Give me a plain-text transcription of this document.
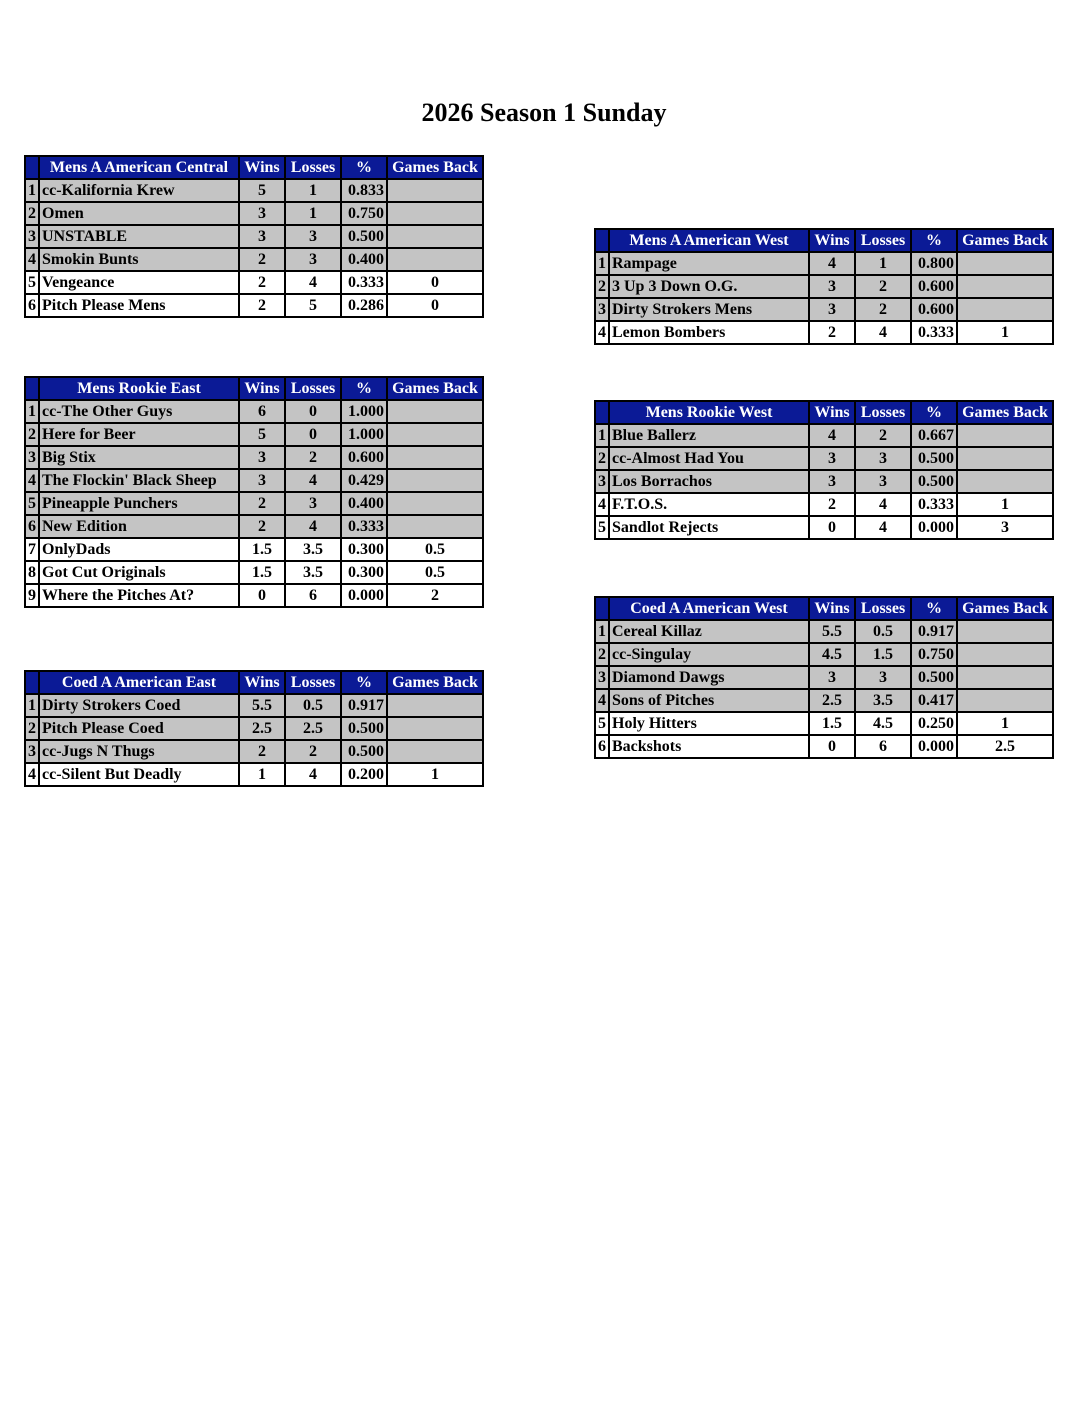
2026 Season 1 Sunday
	Mens A American Central	Wins	Losses	%	Games Back
1	cc-Kalifornia Krew	5	1	0.833	
2	Omen	3	1	0.750	
3	UNSTABLE	3	3	0.500	
4	Smokin Bunts	2	3	0.400	
5	Vengeance	2	4	0.333	0
6	Pitch Please Mens	2	5	0.286	0
	Mens Rookie East	Wins	Losses	%	Games Back
1	cc-The Other Guys	6	0	1.000	
2	Here for Beer	5	0	1.000	
3	Big Stix	3	2	0.600	
4	The Flockin' Black Sheep	3	4	0.429	
5	Pineapple Punchers	2	3	0.400	
6	New Edition	2	4	0.333	
7	OnlyDads	1.5	3.5	0.300	0.5
8	Got Cut Originals	1.5	3.5	0.300	0.5
9	Where the Pitches At?	0	6	0.000	2
	Coed A American East	Wins	Losses	%	Games Back
1	Dirty Strokers Coed	5.5	0.5	0.917	
2	Pitch Please Coed	2.5	2.5	0.500	
3	cc-Jugs N Thugs	2	2	0.500	
4	cc-Silent But Deadly	1	4	0.200	1
	Mens A American West	Wins	Losses	%	Games Back
1	Rampage	4	1	0.800	
2	3 Up 3 Down O.G.	3	2	0.600	
3	Dirty Strokers Mens	3	2	0.600	
4	Lemon Bombers	2	4	0.333	1
	Mens Rookie West	Wins	Losses	%	Games Back
1	Blue Ballerz	4	2	0.667	
2	cc-Almost Had You	3	3	0.500	
3	Los Borrachos	3	3	0.500	
4	F.T.O.S.	2	4	0.333	1
5	Sandlot Rejects	0	4	0.000	3
	Coed A American West	Wins	Losses	%	Games Back
1	Cereal Killaz	5.5	0.5	0.917	
2	cc-Singulay	4.5	1.5	0.750	
3	Diamond Dawgs	3	3	0.500	
4	Sons of Pitches	2.5	3.5	0.417	
5	Holy Hitters	1.5	4.5	0.250	1
6	Backshots	0	6	0.000	2.5
